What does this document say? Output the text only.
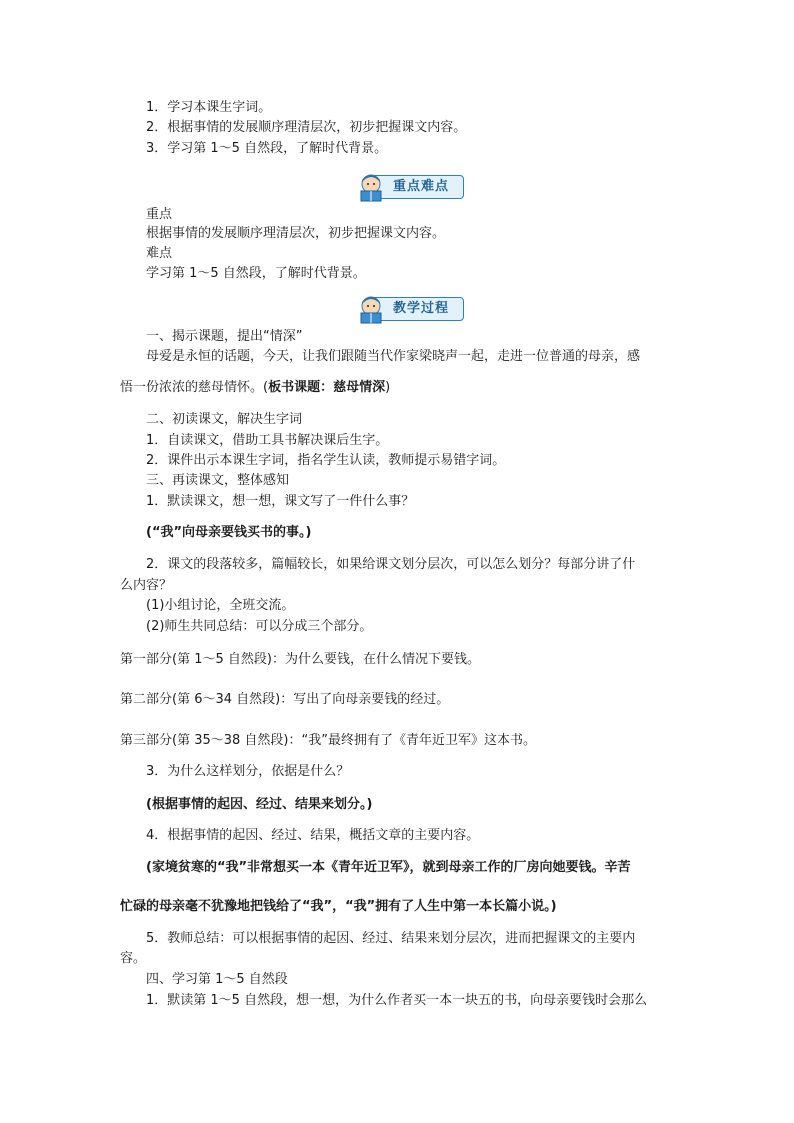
1．学习本课生字词。
2．根据事情的发展顺序理清层次，初步把握课文内容。
3．学习第 1～5 自然段，了解时代背景。
重点难点
重点
根据事情的发展顺序理清层次，初步把握课文内容。
难点
学习第 1～5 自然段，了解时代背景。
教学过程
一、揭示课题，提出“情深”
母爱是永恒的话题，今天，让我们跟随当代作家梁晓声一起，走进一位普通的母亲，感
悟一份浓浓的慈母情怀。(板书课题：慈母情深)
二、初读课文，解决生字词
1．自读课文，借助工具书解决课后生字。
2．课件出示本课生字词，指名学生认读，教师提示易错字词。
三、再读课文，整体感知
1．默读课文，想一想，课文写了一件什么事？
(“我”向母亲要钱买书的事。)
2．课文的段落较多，篇幅较长，如果给课文划分层次，可以怎么划分？每部分讲了什
么内容？
(1)小组讨论，全班交流。
(2)师生共同总结：可以分成三个部分。
第一部分(第 1～5 自然段)：为什么要钱，在什么情况下要钱。
第二部分(第 6～34 自然段)：写出了向母亲要钱的经过。
第三部分(第 35～38 自然段)：“我”最终拥有了《青年近卫军》这本书。
3．为什么这样划分，依据是什么？
(根据事情的起因、经过、结果来划分。)
4．根据事情的起因、经过、结果，概括文章的主要内容。
(家境贫寒的“我”非常想买一本《青年近卫军》，就到母亲工作的厂房向她要钱。辛苦
忙碌的母亲毫不犹豫地把钱给了“我”，“我”拥有了人生中第一本长篇小说。)
5．教师总结：可以根据事情的起因、经过、结果来划分层次，进而把握课文的主要内
容。
四、学习第 1～5 自然段
1．默读第 1～5 自然段，想一想，为什么作者买一本一块五的书，向母亲要钱时会那么
